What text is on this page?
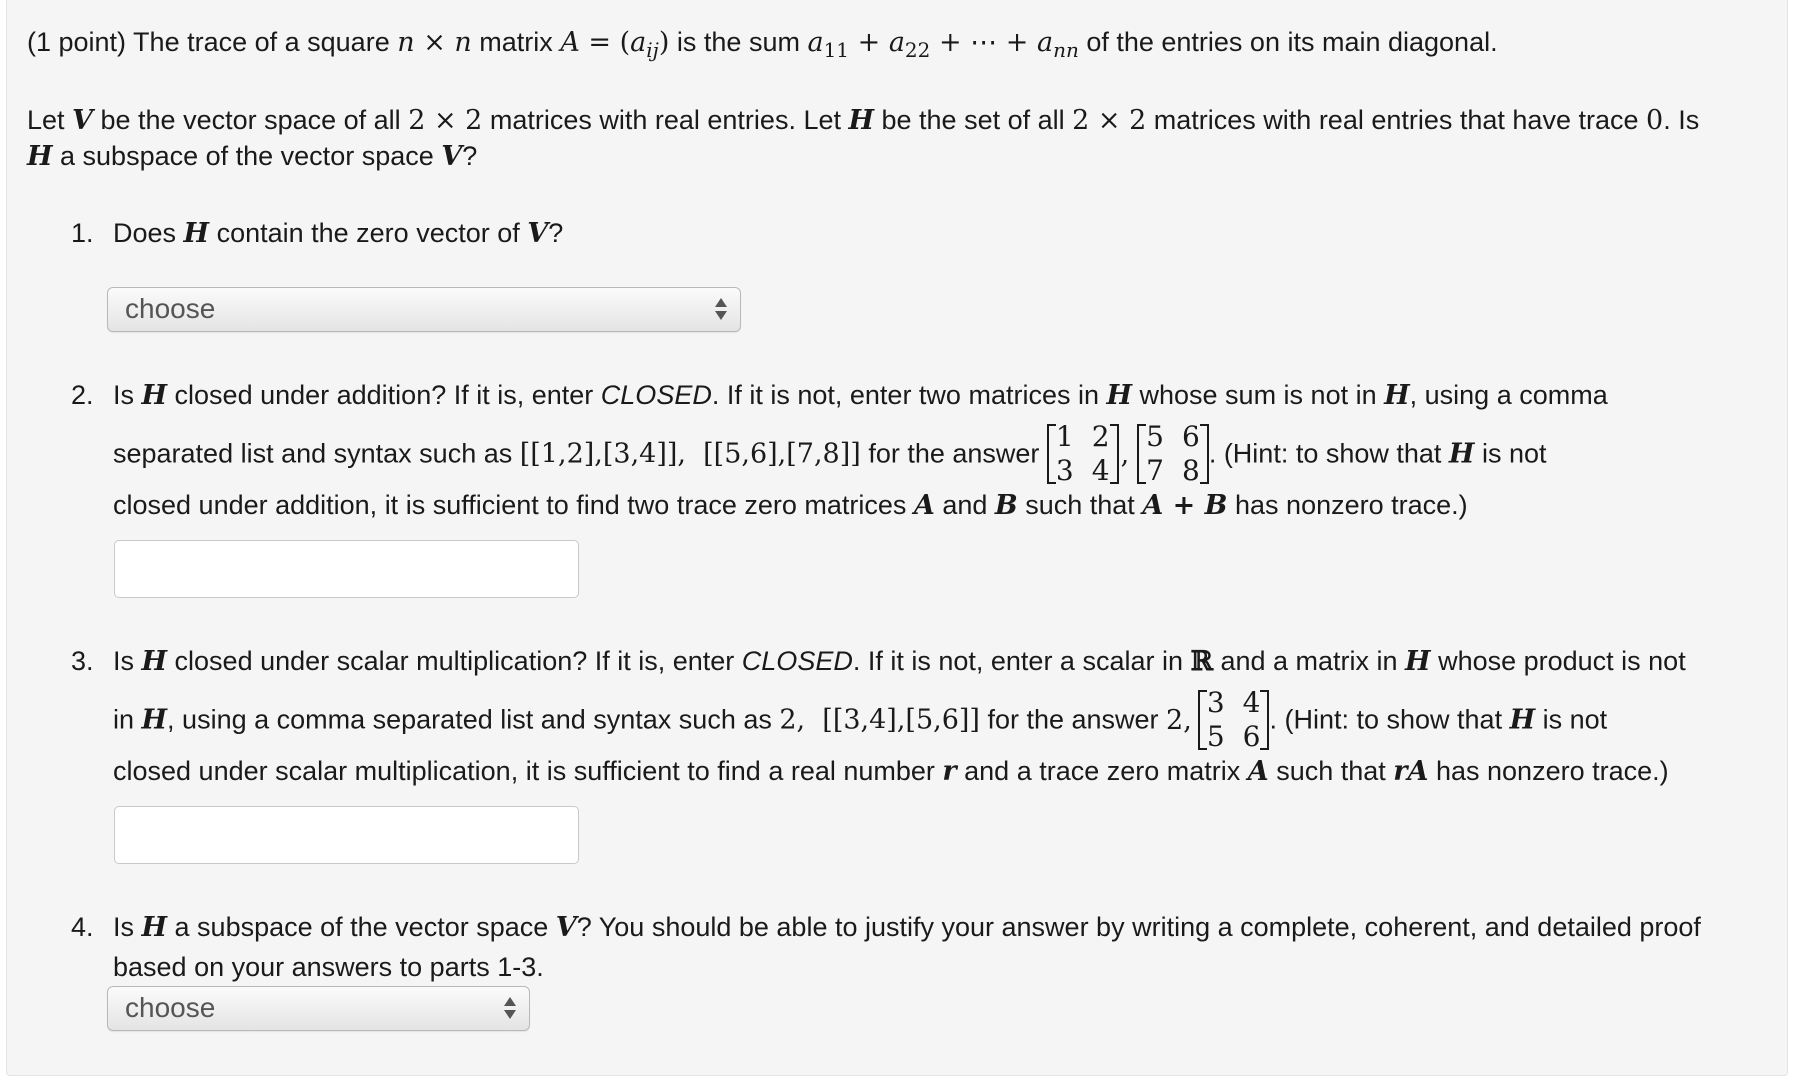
(1 point) The trace of a square n × n matrix $A = (a_{ij})$ is the sum $a_{11} + a_{22}$ + ⋯ + $a_{nn}$ of the entries on its main diagonal.
Let V be the vector space of all 2 × 2 matrices with real entries. Let H be the set of all 2 × 2 matrices with real entries that have trace 0. Is
H a subspace of the vector space V?
1. Does H contain the zero vector of V?
choose
2. Is H closed under addition? If it is, enter CLOSED. If it is not, enter two matrices in H whose sum is not in H, using a comma
separated list and syntax such as [[1,2],[3,4]],  [[5,6],[7,8]] for the answer
1	2
3	4 ,
5	6
7	8
. (Hint: to show that H is not
closed under addition, it is sufficient to find two trace zero matrices A and B such that A + B has nonzero trace.)
3. Is H closed under scalar multiplication? If it is, enter CLOSED. If it is not, enter a scalar in ℝ and a matrix in H whose product is not
in H, using a comma separated list and syntax such as 2,  [[3,4],[5,6]] for the answer 2,
3	4
5	6
. (Hint: to show that H is not
closed under scalar multiplication, it is sufficient to find a real number r and a trace zero matrix A such that rA has nonzero trace.)
4. Is H a subspace of the vector space V? You should be able to justify your answer by writing a complete, coherent, and detailed proof
based on your answers to parts 1-3.
choose
